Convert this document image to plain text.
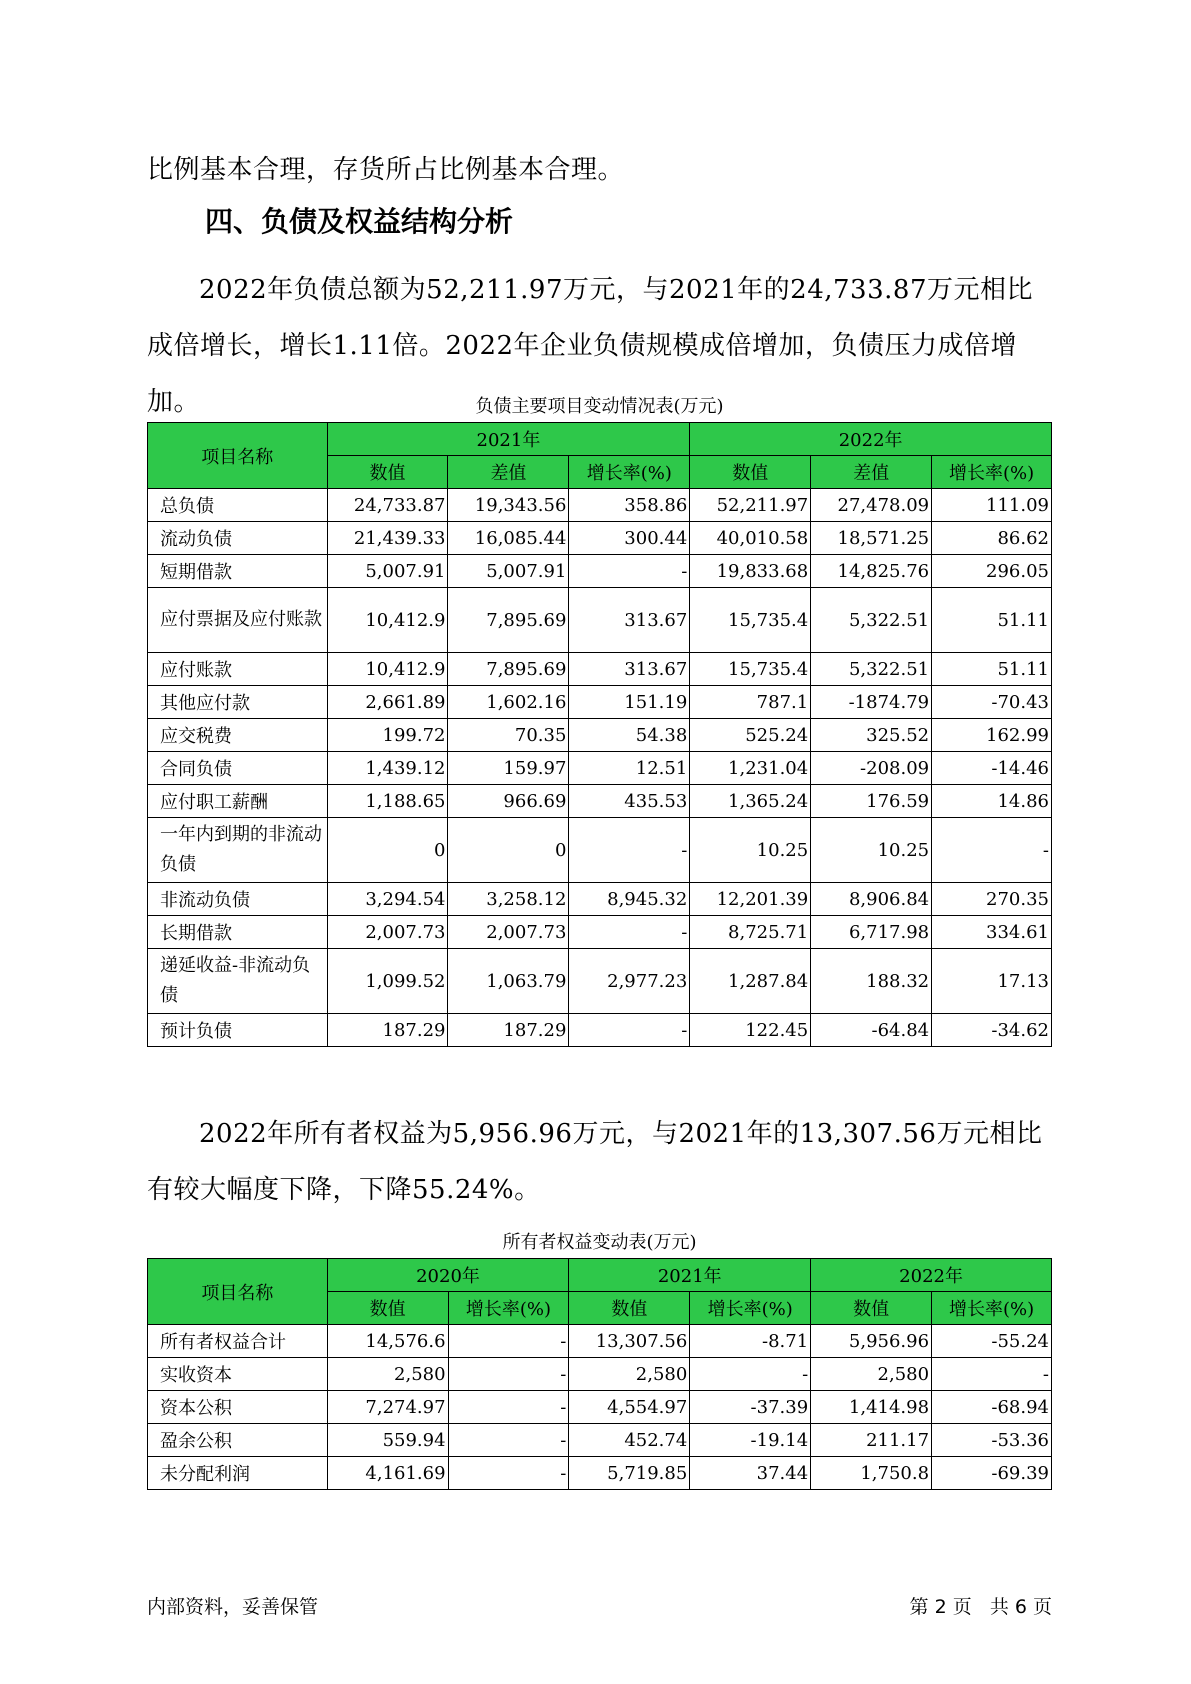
比例基本合理，存货所占比例基本合理。

四、负债及权益结构分析

2022年负债总额为52,211.97万元，与2021年的24,733.87万元相比成倍增长，增长1.11倍。2022年企业负债规模成倍增加，负债压力成倍增加。	负债主要项目变动情况表(万元)
项目名称	2021年			2022年		
	数值	差值	增长率(%)	数值	差值	增长率(%)
总负债	24,733.87	19,343.56	358.86	52,211.97	27,478.09	111.09
流动负债	21,439.33	16,085.44	300.44	40,010.58	18,571.25	86.62
短期借款	5,007.91	5,007.91	-	19,833.68	14,825.76	296.05
应付票据及应付账款	10,412.9	7,895.69	313.67	15,735.4	5,322.51	51.11
应付账款	10,412.9	7,895.69	313.67	15,735.4	5,322.51	51.11
其他应付款	2,661.89	1,602.16	151.19	787.1	-1874.79	-70.43
应交税费	199.72	70.35	54.38	525.24	325.52	162.99
合同负债	1,439.12	159.97	12.51	1,231.04	-208.09	-14.46
应付职工薪酬	1,188.65	966.69	435.53	1,365.24	176.59	14.86
一年内到期的非流动负债	0	0	-	10.25	10.25	-
非流动负债	3,294.54	3,258.12	8,945.32	12,201.39	8,906.84	270.35
长期借款	2,007.73	2,007.73	-	8,725.71	6,717.98	334.61
递延收益-非流动负债	1,099.52	1,063.79	2,977.23	1,287.84	188.32	17.13
预计负债	187.29	187.29	-	122.45	-64.84	-34.62

2022年所有者权益为5,956.96万元，与2021年的13,307.56万元相比有较大幅度下降，下降55.24%。

所有者权益变动表(万元)
项目名称	2020年		2021年		2022年	
	数值	增长率(%)	数值	增长率(%)	数值	增长率(%)
所有者权益合计	14,576.6	-	13,307.56	-8.71	5,956.96	-55.24
实收资本	2,580	-	2,580	-	2,580	-
资本公积	7,274.97	-	4,554.97	-37.39	1,414.98	-68.94
盈余公积	559.94	-	452.74	-19.14	211.17	-53.36
未分配利润	4,161.69	-	5,719.85	37.44	1,750.8	-69.39
内部资料，妥善保管	第 2 页   共 6 页
